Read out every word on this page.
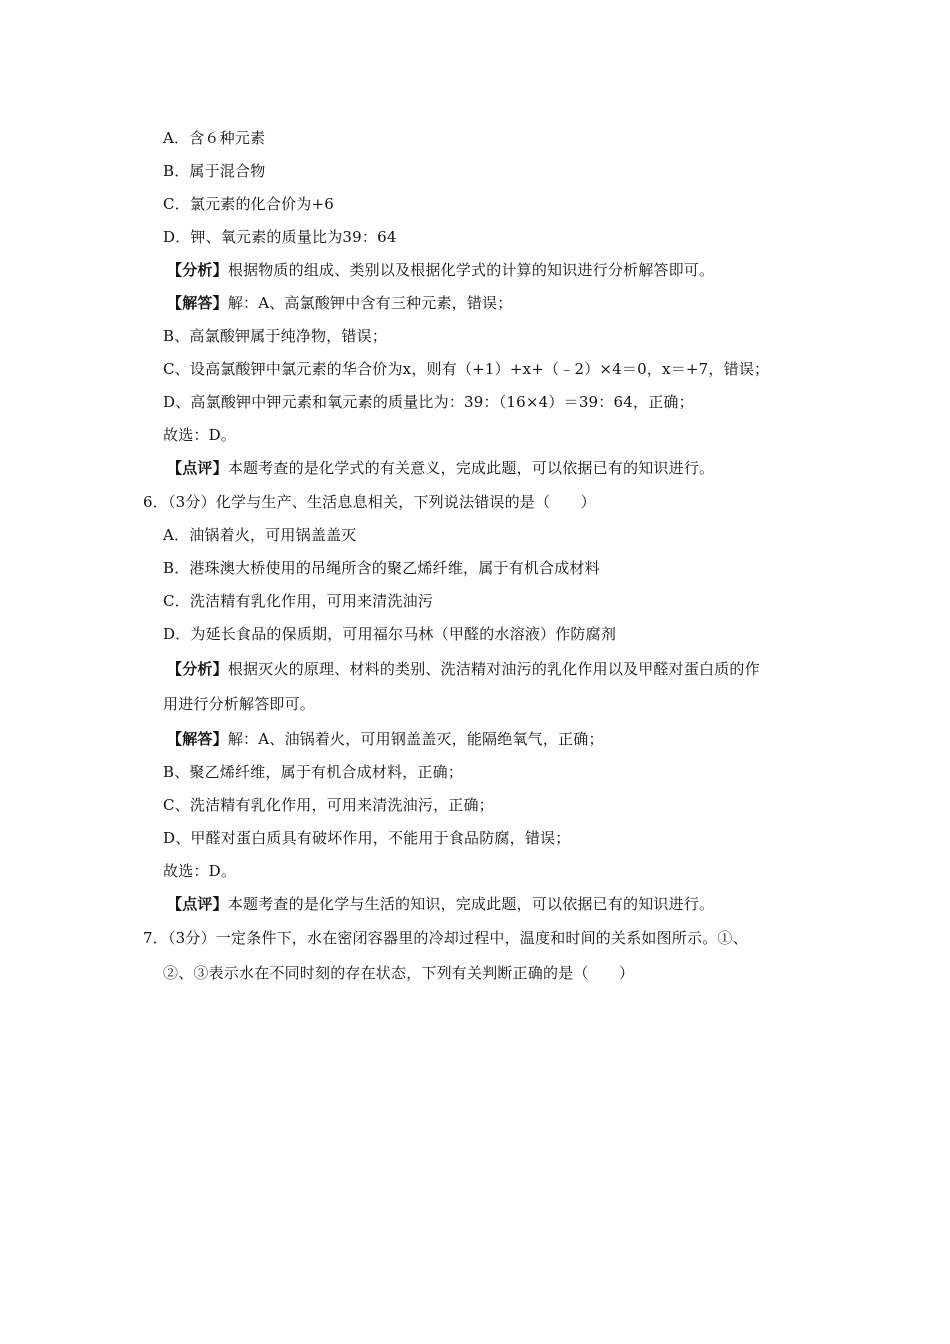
A．含６种元素
B．属于混合物
C．氯元素的化合价为+6
D．钾、氧元素的质量比为39：64
【分析】根据物质的组成、类别以及根据化学式的计算的知识进行分析解答即可。
【解答】解：A、高氯酸钾中含有三种元素，错误；
B、高氯酸钾属于纯净物，错误；
C、设高氯酸钾中氯元素的华合价为x，则有（+1）+x+（﹣2）×4＝0，x＝+7，错误；
D、高氯酸钾中钾元素和氧元素的质量比为：39：（16×4）＝39：64，正确；
故选：D。
【点评】本题考查的是化学式的有关意义，完成此题，可以依据已有的知识进行。
6．（3分）化学与生产、生活息息相关，下列说法错误的是（　　）
A．油锅着火，可用锅盖盖灭
B．港珠澳大桥使用的吊绳所含的聚乙烯纤维，属于有机合成材料
C．洗洁精有乳化作用，可用来清洗油污
D．为延长食品的保质期，可用福尔马林（甲醛的水溶液）作防腐剂
【分析】根据灭火的原理、材料的类别、洗洁精对油污的乳化作用以及甲醛对蛋白质的作
用进行分析解答即可。
【解答】解：A、油锅着火，可用钢盖盖灭，能隔绝氧气，正确；
B、聚乙烯纤维，属于有机合成材料，正确；
C、洗洁精有乳化作用，可用来清洗油污，正确；
D、甲醛对蛋白质具有破坏作用，不能用于食品防腐，错误；
故选：D。
【点评】本题考查的是化学与生活的知识，完成此题，可以依据已有的知识进行。
7．（3分）一定条件下，水在密闭容器里的冷却过程中，温度和时间的关系如图所示。①、
②、③表示水在不同时刻的存在状态，下列有关判断正确的是（　　）
